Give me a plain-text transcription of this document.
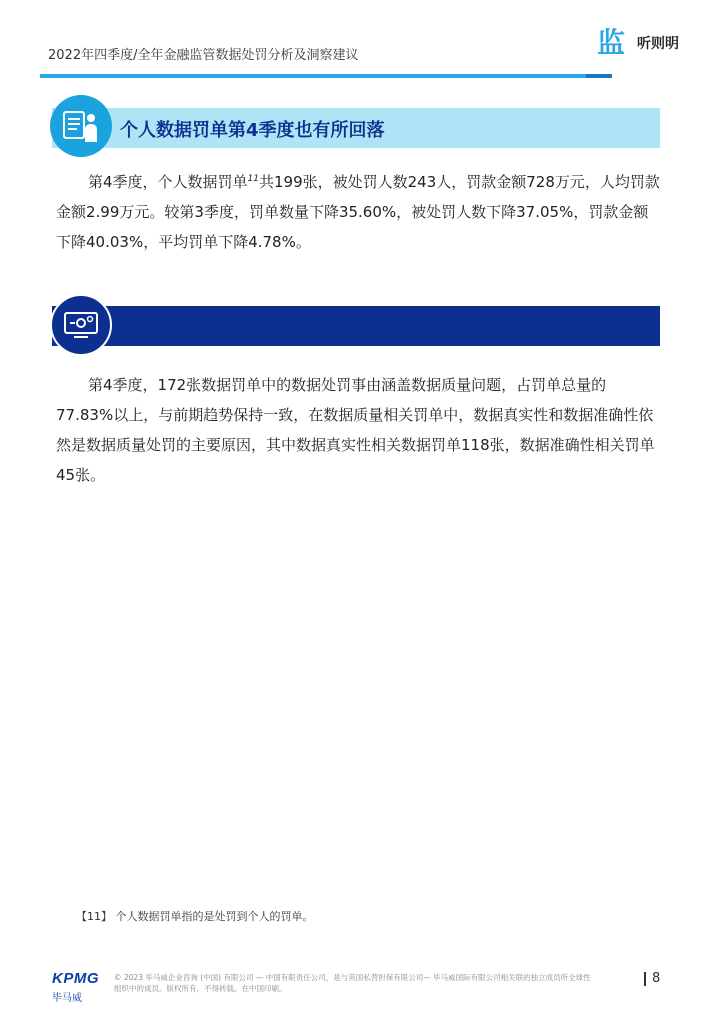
2022年四季度/全年金融监管数据处罚分析及洞察建议	监 听则明
个人数据罚单第4季度也有所回落
第4季度，个人数据罚单$^{11}$共199张，被处罚人数243人，罚款金额728万元，人均罚款金额2.99万元。较第3季度，罚单数量下降35.60%，被处罚人数下降37.05%，罚款金额下降40.03%，平均罚单下降4.78%。
第4季度，172张数据罚单中的数据处罚事由涵盖数据质量问题，占罚单总量的77.83%以上，与前期趋势保持一致，在数据质量相关罚单中，数据真实性和数据准确性依然是数据质量处罚的主要原因，其中数据真实性相关数据罚单118张，数据准确性相关罚单45张。
【11】 个人数据罚单指的是处罚到个人的罚单。
KPMG
毕马威
© 2023 毕马威企业咨询 (中国) 有限公司 — 中国有限责任公司，是与英国私营担保有限公司— 毕马威国际有限公司相关联的独立成员所全球性组织中的成员。版权所有，不得转载。在中国印刷。
8
